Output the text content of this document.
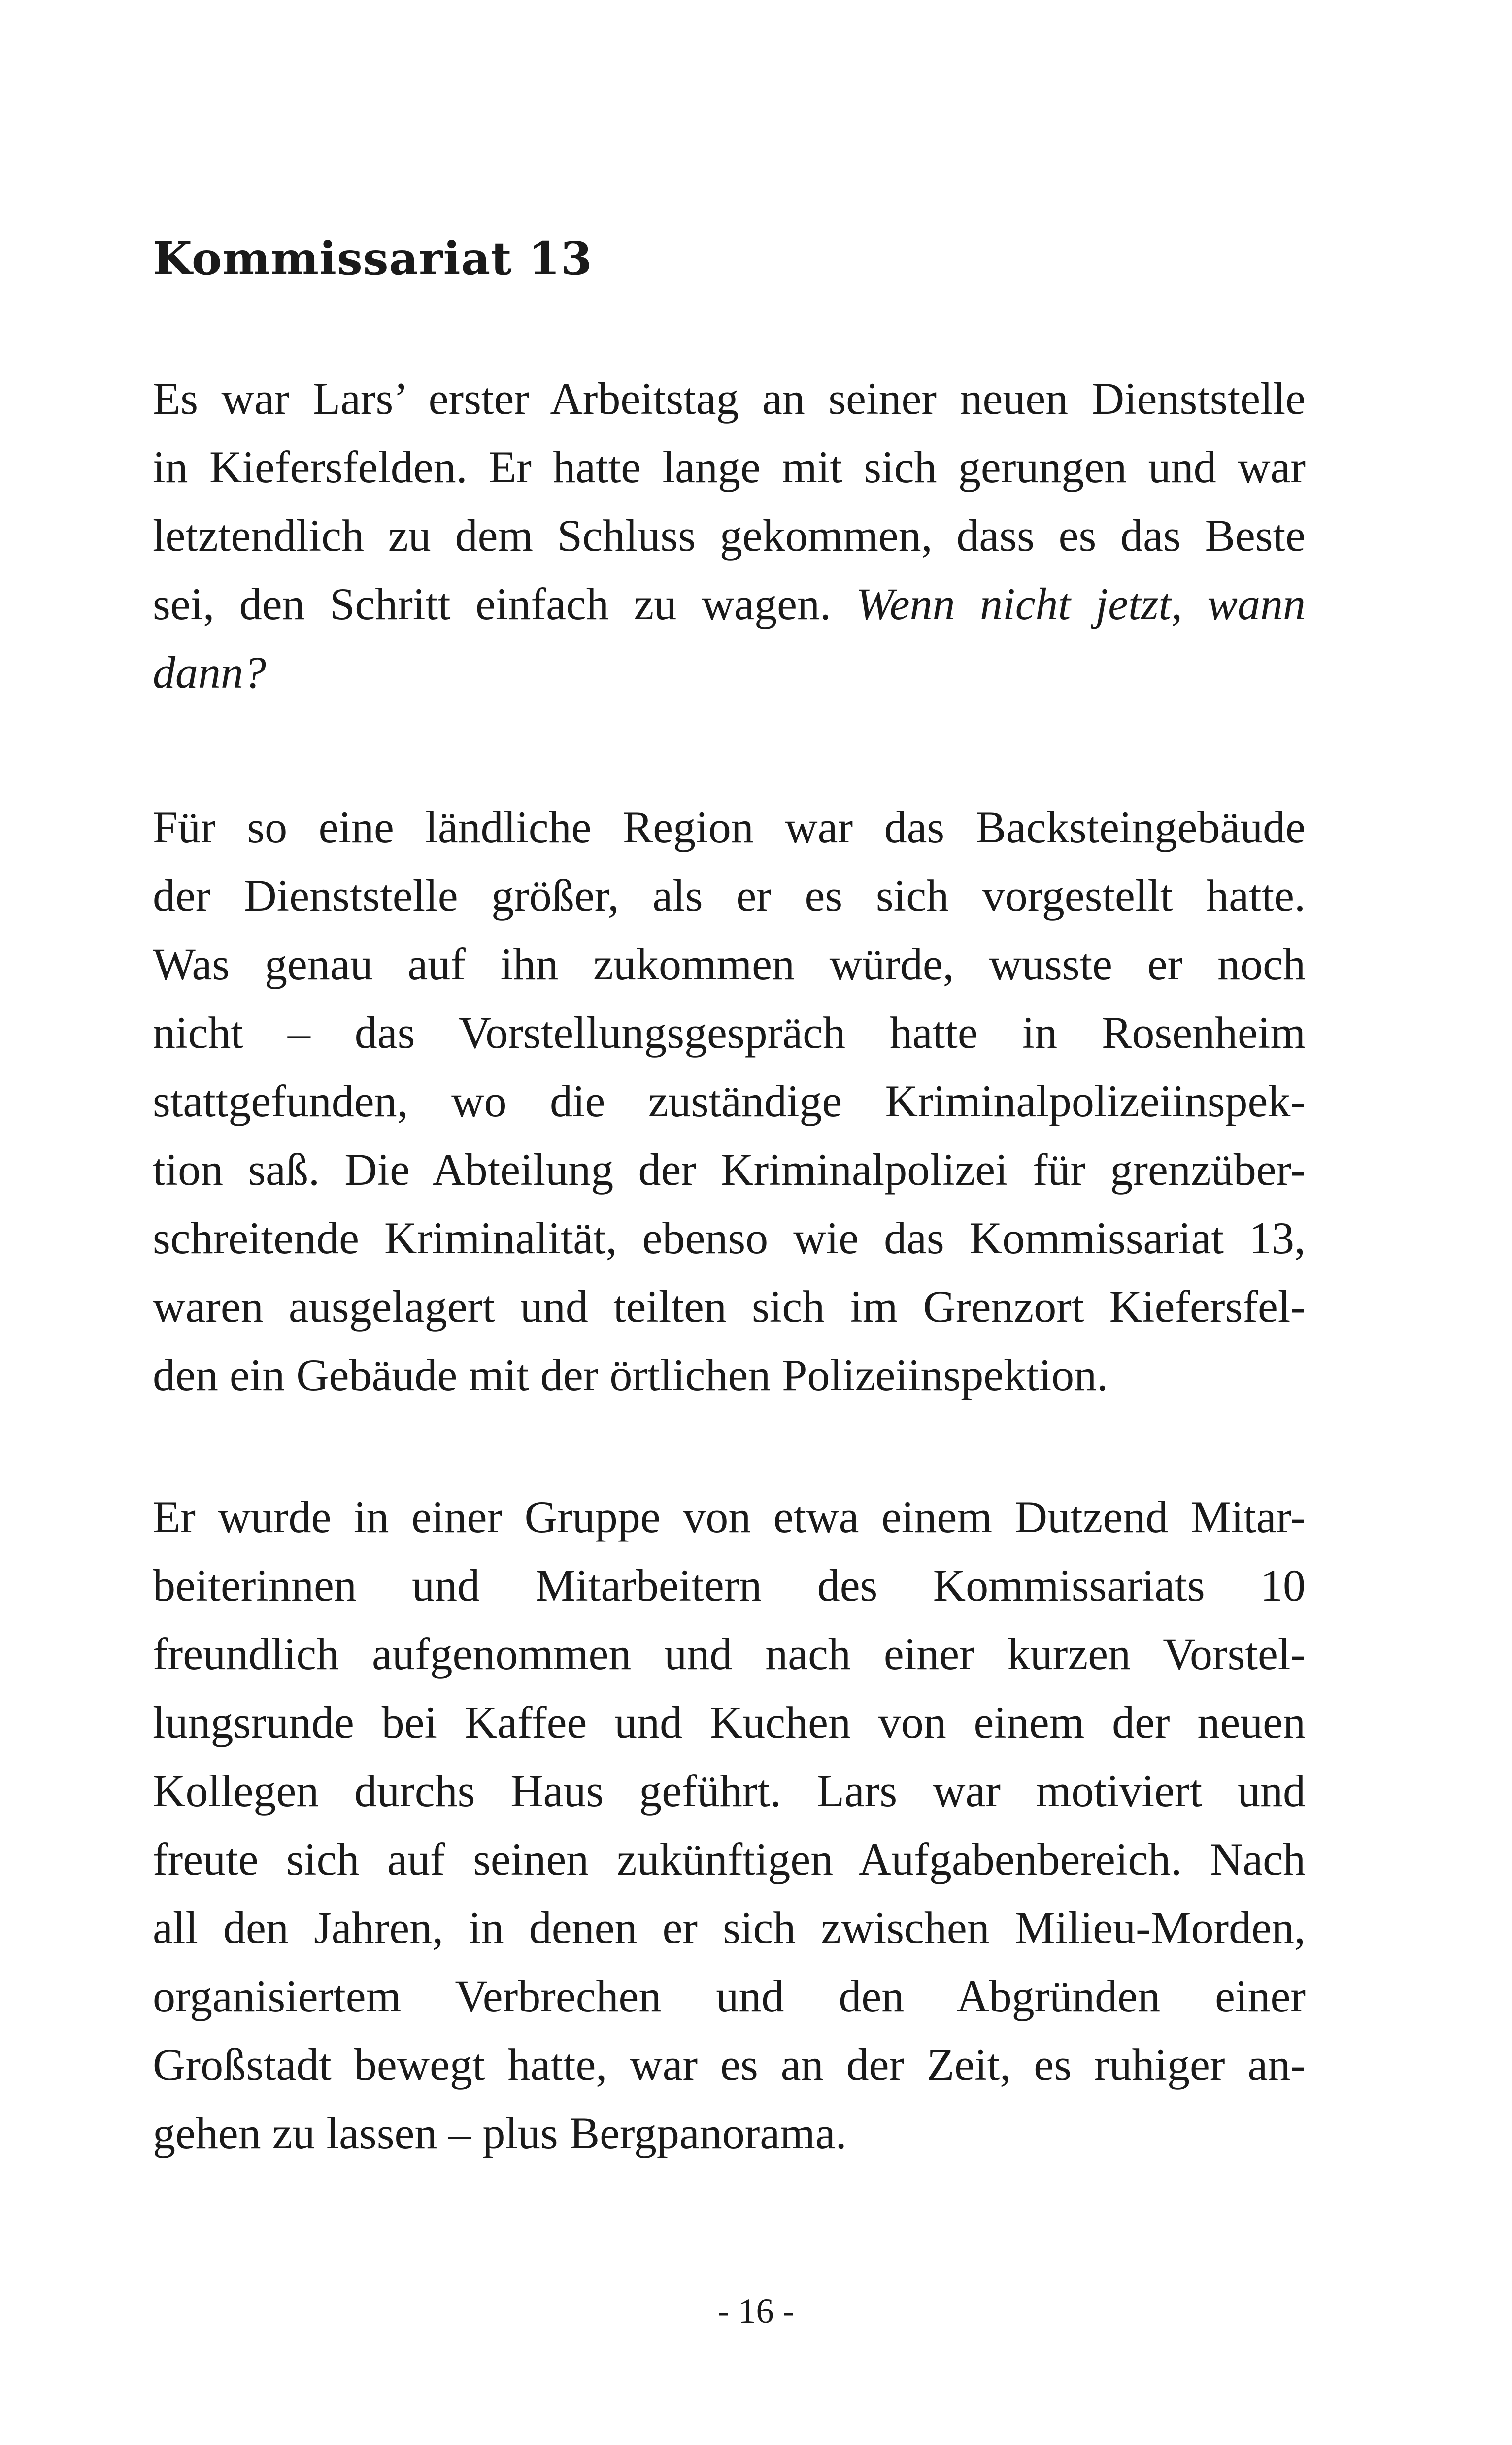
Kommissariat 13

Es war Lars’ erster Arbeitstag an seiner neuen Dienststelle
in Kiefersfelden. Er hatte lange mit sich gerungen und war
letztendlich zu dem Schluss gekommen, dass es das Beste
sei, den Schritt einfach zu wagen. Wenn nicht jetzt, wann
dann?

Für so eine ländliche Region war das Backsteingebäude
der Dienststelle größer, als er es sich vorgestellt hatte.
Was genau auf ihn zukommen würde, wusste er noch
nicht – das Vorstellungsgespräch hatte in Rosenheim
stattgefunden, wo die zuständige Kriminalpolizeiinspek-
tion saß. Die Abteilung der Kriminalpolizei für grenzüber-
schreitende Kriminalität, ebenso wie das Kommissariat 13,
waren ausgelagert und teilten sich im Grenzort Kiefersfel-
den ein Gebäude mit der örtlichen Polizeiinspektion.

Er wurde in einer Gruppe von etwa einem Dutzend Mitar-
beiterinnen und Mitarbeitern des Kommissariats 10
freundlich aufgenommen und nach einer kurzen Vorstel-
lungsrunde bei Kaffee und Kuchen von einem der neuen
Kollegen durchs Haus geführt. Lars war motiviert und
freute sich auf seinen zukünftigen Aufgabenbereich. Nach
all den Jahren, in denen er sich zwischen Milieu-Morden,
organisiertem Verbrechen und den Abgründen einer
Großstadt bewegt hatte, war es an der Zeit, es ruhiger an-
gehen zu lassen – plus Bergpanorama.

- 16 -
